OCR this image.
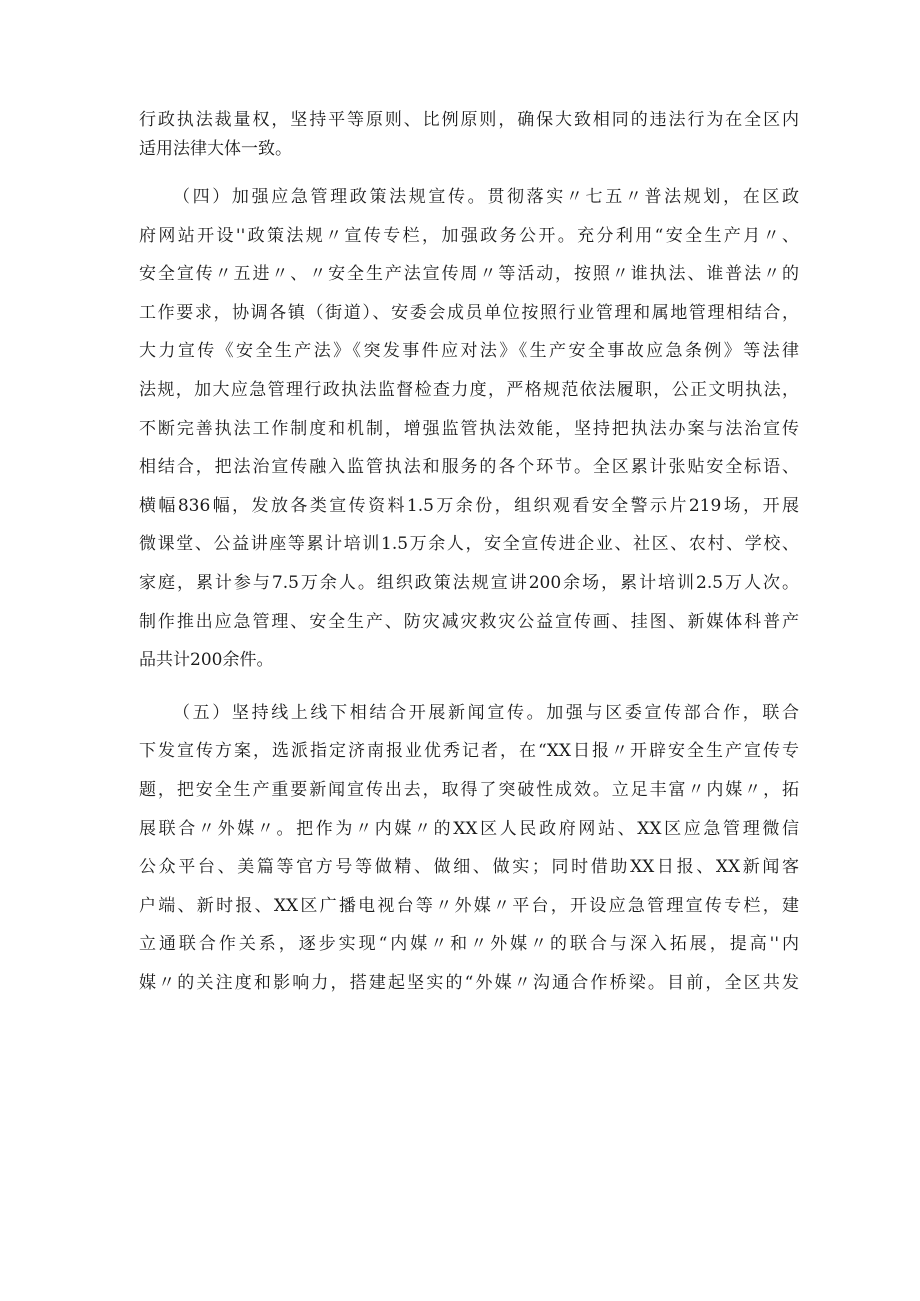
行政执法裁量权，坚持平等原则、比例原则，确保大致相同的违法行为在全区内
适用法律大体一致。

（四）加强应急管理政策法规宣传。贯彻落实〃七五〃普法规划，在区政
府网站开设''政策法规〃宣传专栏，加强政务公开。充分利用“安全生产月〃、
安全宣传〃五进〃、〃安全生产法宣传周〃等活动，按照〃谁执法、谁普法〃的
工作要求，协调各镇（街道）、安委会成员单位按照行业管理和属地管理相结合，
大力宣传《安全生产法》《突发事件应对法》《生产安全事故应急条例》等法律
法规，加大应急管理行政执法监督检查力度，严格规范依法履职，公正文明执法，
不断完善执法工作制度和机制，增强监管执法效能，坚持把执法办案与法治宣传
相结合，把法治宣传融入监管执法和服务的各个环节。全区累计张贴安全标语、
横幅836幅，发放各类宣传资料1.5万余份，组织观看安全警示片219场，开展
微课堂、公益讲座等累计培训1.5万余人，安全宣传进企业、社区、农村、学校、
家庭，累计参与7.5万余人。组织政策法规宣讲200余场，累计培训2.5万人次。
制作推出应急管理、安全生产、防灾减灾救灾公益宣传画、挂图、新媒体科普产
品共计200余件。

（五）坚持线上线下相结合开展新闻宣传。加强与区委宣传部合作，联合
下发宣传方案，选派指定济南报业优秀记者，在“XX日报〃开辟安全生产宣传专
题，把安全生产重要新闻宣传出去，取得了突破性成效。立足丰富〃内媒〃，拓
展联合〃外媒〃。把作为〃内媒〃的XX区人民政府网站、XX区应急管理微信
公众平台、美篇等官方号等做精、做细、做实；同时借助XX日报、XX新闻客
户端、新时报、XX区广播电视台等〃外媒〃平台，开设应急管理宣传专栏，建
立通联合作关系，逐步实现“内媒〃和〃外媒〃的联合与深入拓展，提高''内
媒〃的关注度和影响力，搭建起坚实的“外媒〃沟通合作桥梁。目前，全区共发
